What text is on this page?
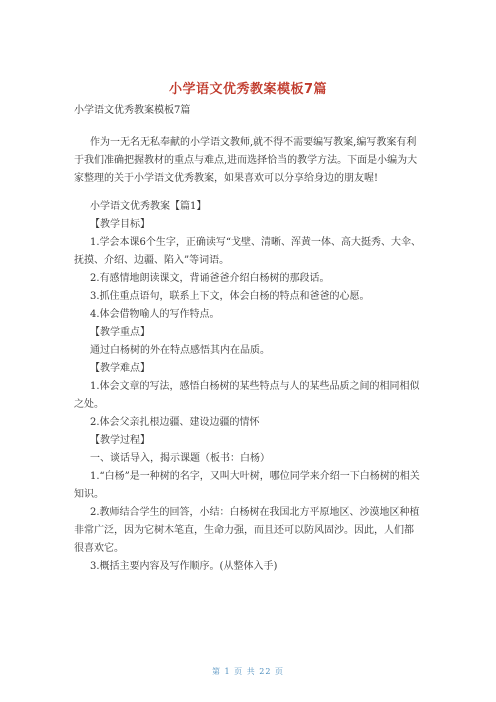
小学语文优秀教案模板7篇
小学语文优秀教案模板7篇

作为一无名无私奉献的小学语文教师,就不得不需要编写教案,编写教案有利于我们准确把握教材的重点与难点,进而选择恰当的教学方法。下面是小编为大家整理的关于小学语文优秀教案，如果喜欢可以分享给身边的朋友喔!

小学语文优秀教案【篇1】

【教学目标】

1.学会本课6个生字，正确读写“戈壁、清晰、浑黄一体、高大挺秀、大伞、抚摸、介绍、边疆、陷入”等词语。

2.有感情地朗读课文，背诵爸爸介绍白杨树的那段话。

3.抓住重点语句，联系上下文，体会白杨的特点和爸爸的心愿。

4.体会借物喻人的写作特点。

【教学重点】

通过白杨树的外在特点感悟其内在品质。

【教学难点】

1.体会文章的写法，感悟白杨树的某些特点与人的某些品质之间的相同相似之处。

2.体会父亲扎根边疆、建设边疆的情怀

【教学过程】

一、谈话导入，揭示课题（板书：白杨）

1.“白杨”是一种树的名字，又叫大叶树，哪位同学来介绍一下白杨树的相关知识。

2.教师结合学生的回答，小结：白杨树在我国北方平原地区、沙漠地区种植非常广泛，因为它树木笔直，生命力强，而且还可以防风固沙。因此，人们都很喜欢它。

3.概括主要内容及写作顺序。(从整体入手)

第 1 页 共 22 页
